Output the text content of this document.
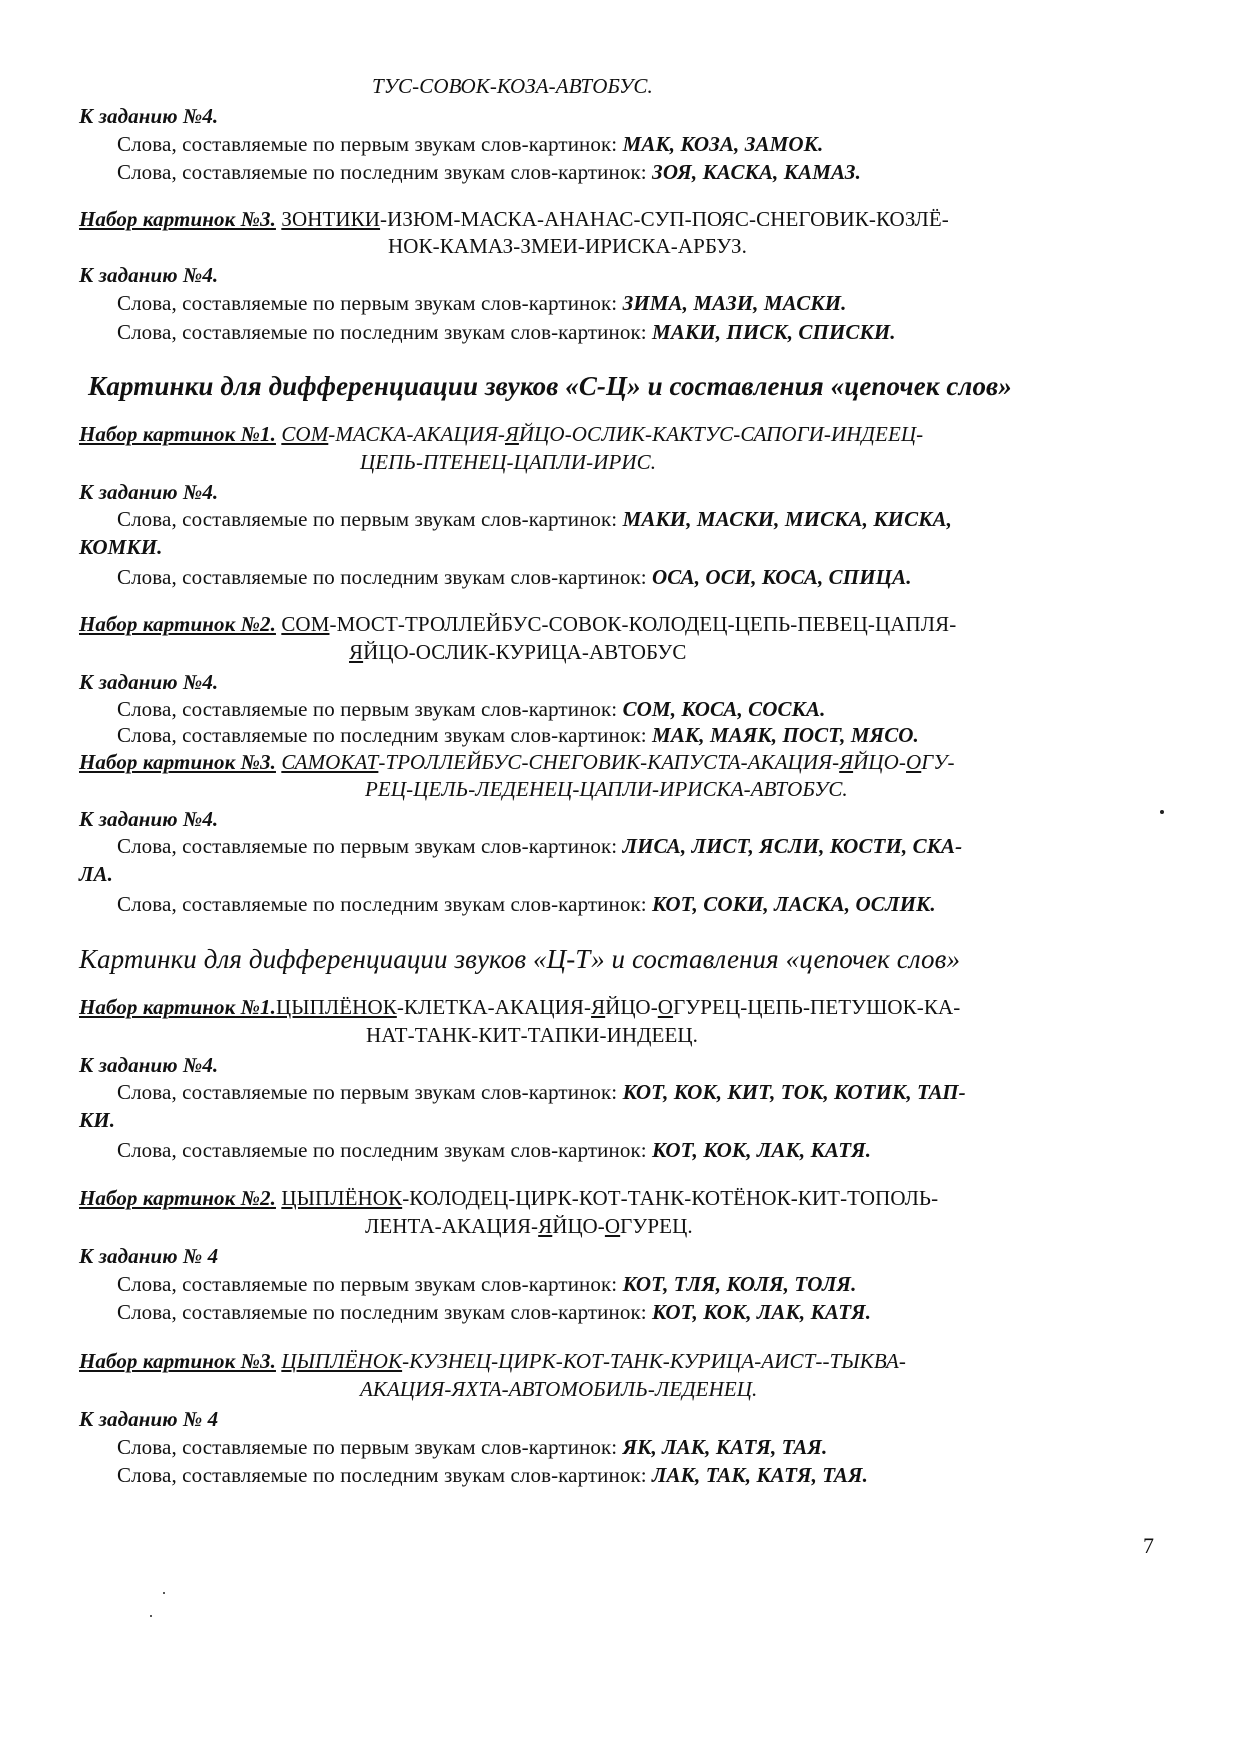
ТУС-СОВОК-КОЗА-АВТОБУС.
К заданию №4.
Слова, составляемые по первым звукам слов-картинок: МАК, КОЗА, ЗАМОК.
Слова, составляемые по последним звукам слов-картинок: ЗОЯ, КАСКА, КАМАЗ.
Набор картинок №3. ЗОНТИКИ-ИЗЮМ-МАСКА-АНАНАС-СУП-ПОЯС-СНЕГОВИК-КОЗЛЁ-
НОК-КАМАЗ-ЗМЕИ-ИРИСКА-АРБУЗ.
К заданию №4.
Слова, составляемые по первым звукам слов-картинок: ЗИМА, МАЗИ, МАСКИ.
Слова, составляемые по последним звукам слов-картинок: МАКИ, ПИСК, СПИСКИ.
Картинки для дифференциации звуков «С-Ц» и составления «цепочек слов»
Набор картинок №1. СОМ-МАСКА-АКАЦИЯ-ЯЙЦО-ОСЛИК-КАКТУС-САПОГИ-ИНДЕЕЦ-
ЦЕПЬ-ПТЕНЕЦ-ЦАПЛИ-ИРИС.
К заданию №4.
Слова, составляемые по первым звукам слов-картинок: МАКИ, МАСКИ, МИСКА, КИСКА,
КОМКИ.
Слова, составляемые по последним звукам слов-картинок: ОСА, ОСИ, КОСА, СПИЦА.
Набор картинок №2. СОМ-МОСТ-ТРОЛЛЕЙБУС-СОВОК-КОЛОДЕЦ-ЦЕПЬ-ПЕВЕЦ-ЦАПЛЯ-
ЯЙЦО-ОСЛИК-КУРИЦА-АВТОБУС
К заданию №4.
Слова, составляемые по первым звукам слов-картинок: СОМ, КОСА, СОСКА.
Слова, составляемые по последним звукам слов-картинок: МАК, МАЯК, ПОСТ, МЯСО.
Набор картинок №3. САМОКАТ-ТРОЛЛЕЙБУС-СНЕГОВИК-КАПУСТА-АКАЦИЯ-ЯЙЦО-ОГУ-
РЕЦ-ЦЕЛЬ-ЛЕДЕНЕЦ-ЦАПЛИ-ИРИСКА-АВТОБУС.
К заданию №4.
Слова, составляемые по первым звукам слов-картинок: ЛИСА, ЛИСТ, ЯСЛИ, КОСТИ, СКА-
ЛА.
Слова, составляемые по последним звукам слов-картинок: КОТ, СОКИ, ЛАСКА, ОСЛИК.
Картинки для дифференциации звуков «Ц-Т» и составления «цепочек слов»
Набор картинок №1.ЦЫПЛЁНОК-КЛЕТКА-АКАЦИЯ-ЯЙЦО-ОГУРЕЦ-ЦЕПЬ-ПЕТУШОК-КА-
НАТ-ТАНК-КИТ-ТАПКИ-ИНДЕЕЦ.
К заданию №4.
Слова, составляемые по первым звукам слов-картинок: КОТ, КОК, КИТ, ТОК, КОТИК, ТАП-
КИ.
Слова, составляемые по последним звукам слов-картинок: КОТ, КОК, ЛАК, КАТЯ.
Набор картинок №2. ЦЫПЛЁНОК-КОЛОДЕЦ-ЦИРК-КОТ-ТАНК-КОТЁНОК-КИТ-ТОПОЛЬ-
ЛЕНТА-АКАЦИЯ-ЯЙЦО-ОГУРЕЦ.
К заданию № 4
Слова, составляемые по первым звукам слов-картинок: КОТ, ТЛЯ, КОЛЯ, ТОЛЯ.
Слова, составляемые по последним звукам слов-картинок: КОТ, КОК, ЛАК, КАТЯ.
Набор картинок №3. ЦЫПЛЁНОК-КУЗНЕЦ-ЦИРК-КОТ-ТАНК-КУРИЦА-АИСТ--ТЫКВА-
АКАЦИЯ-ЯХТА-АВТОМОБИЛЬ-ЛЕДЕНЕЦ.
К заданию № 4
Слова, составляемые по первым звукам слов-картинок: ЯК, ЛАК, КАТЯ, ТАЯ.
Слова, составляемые по последним звукам слов-картинок: ЛАК, ТАК, КАТЯ, ТАЯ.
7
